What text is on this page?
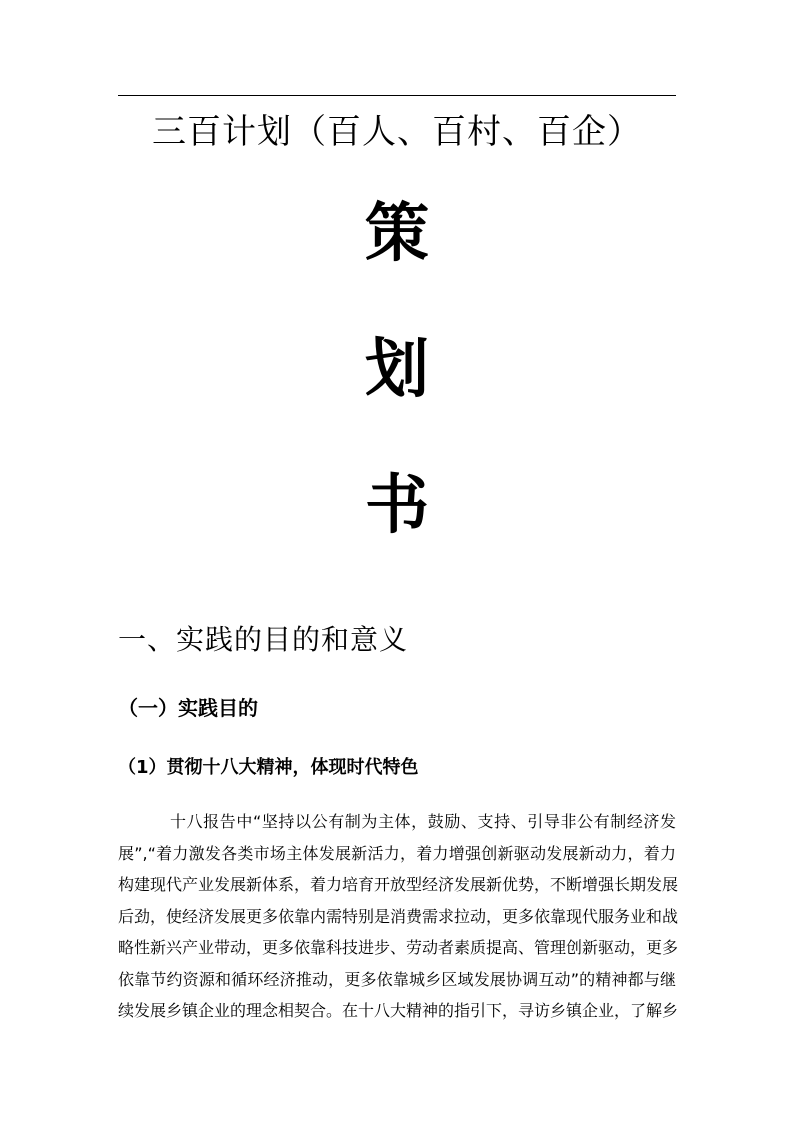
三百计划（百人、百村、百企）
策
划
书
一、实践的目的和意义
（一）实践目的
（1）贯彻十八大精神，体现时代特色
十八报告中“坚持以公有制为主体，鼓励、支持、引导非公有制经济发
展”,“着力激发各类市场主体发展新活力，着力增强创新驱动发展新动力，着力
构建现代产业发展新体系，着力培育开放型经济发展新优势，不断增强长期发展
后劲，使经济发展更多依靠内需特别是消费需求拉动，更多依靠现代服务业和战
略性新兴产业带动，更多依靠科技进步、劳动者素质提高、管理创新驱动，更多
依靠节约资源和循环经济推动，更多依靠城乡区域发展协调互动”的精神都与继
续发展乡镇企业的理念相契合。在十八大精神的指引下，寻访乡镇企业，了解乡
